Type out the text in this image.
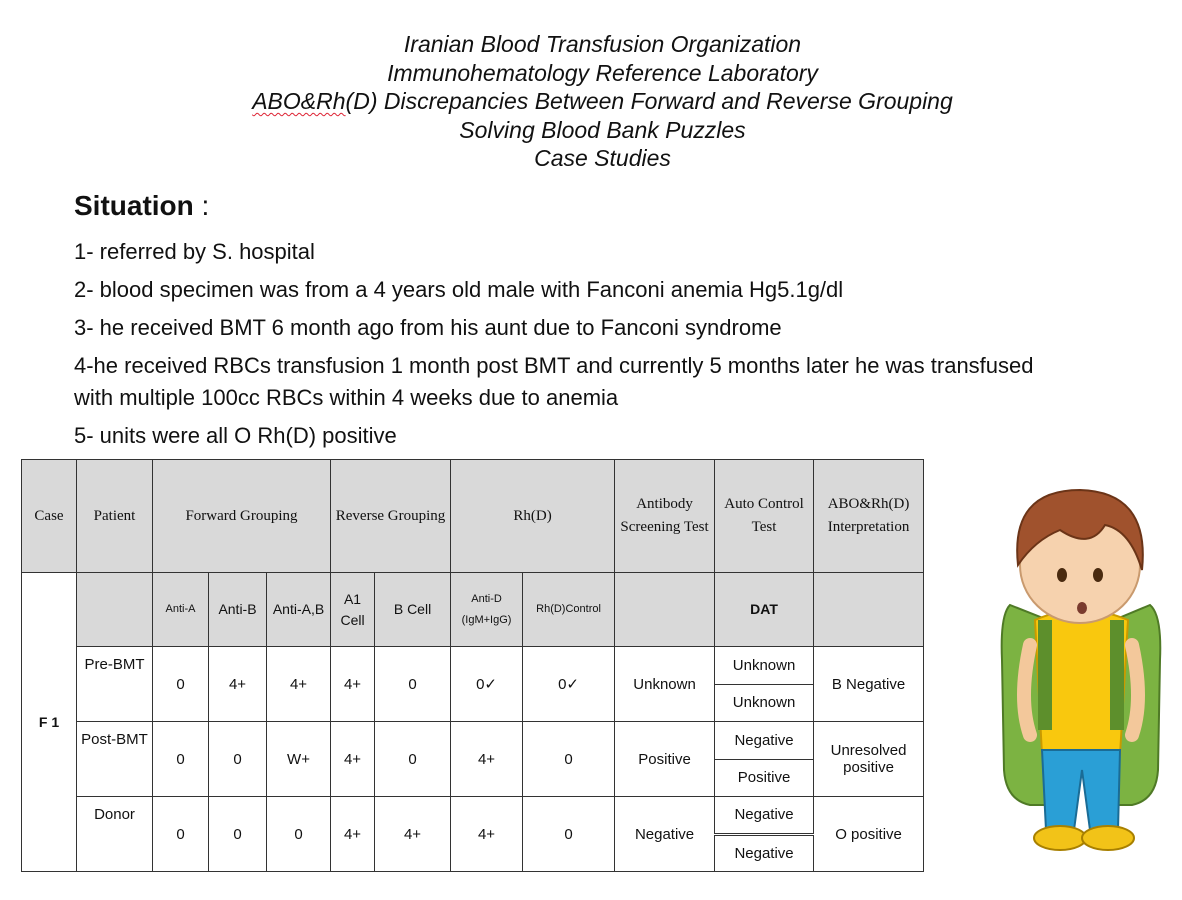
Iranian Blood Transfusion Organization
Immunohematology Reference Laboratory
ABO&Rh(D) Discrepancies Between Forward and Reverse Grouping
Solving Blood Bank Puzzles
Case Studies
Situation :
1- referred by S. hospital
2- blood specimen was from a 4 years old male with Fanconi anemia Hg5.1g/dl
3- he received BMT 6 month ago from his aunt due to Fanconi syndrome
4-he received RBCs transfusion 1 month post BMT and currently 5 months later he was transfused with multiple 100cc RBCs within 4 weeks due to anemia
5- units were all O Rh(D) positive
Case	Patient	Forward Grouping			Reverse Grouping		Rh(D)		Antibody Screening Test	Auto Control Test	ABO&Rh(D) Interpretation
F 1		Anti-A	Anti-B	Anti-A,B	A1 Cell	B Cell	Anti-D (IgM+IgG)	Rh(D)Control		DAT	
	Pre-BMT	0	4+	4+	4+	0	0✓	0✓	Unknown	Unknown	B Negative
										Unknown	
	Post-BMT	0	0	W+	4+	0	4+	0	Positive	Negative	Unresolved positive
										Positive	
	Donor	0	0	0	4+	4+	4+	0	Negative	Negative	O positive
										Negative	
